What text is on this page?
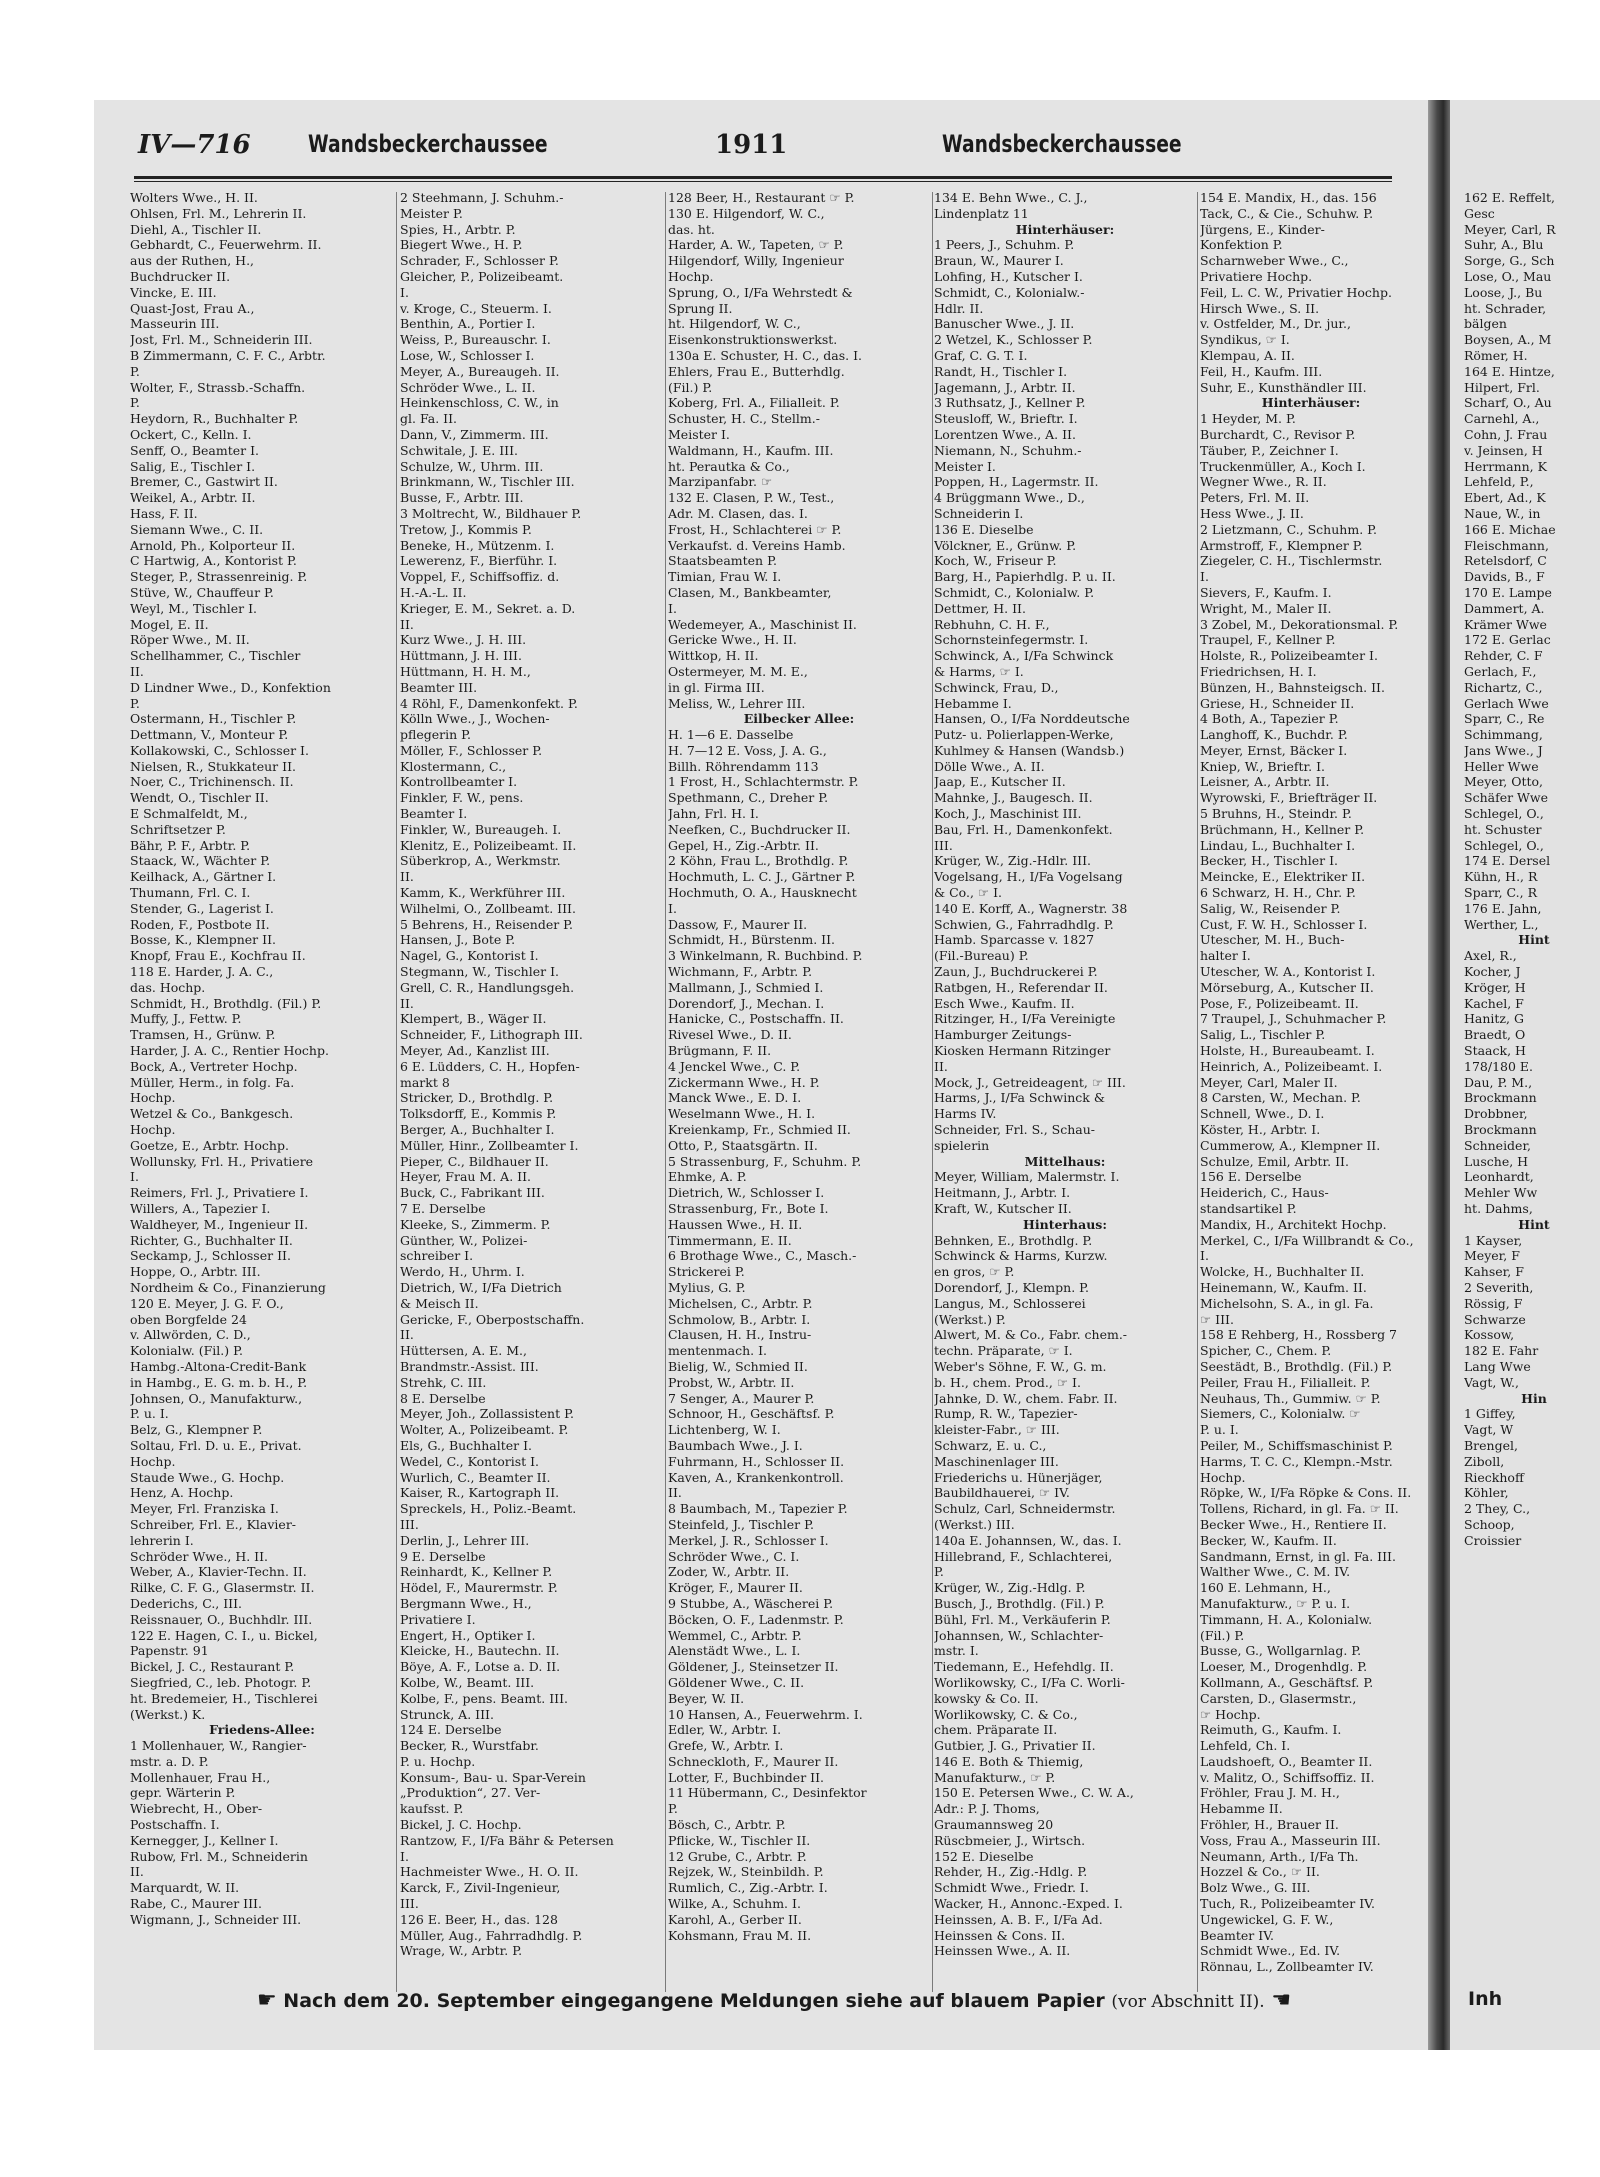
IV—716 Wandsbeckerchaussee	1911	Wandsbeckerchaussee
Wolters Wwe., H. II.
Ohlsen, Frl. M., Lehrerin II.
Diehl, A., Tischler II.
Gebhardt, C., Feuerwehrm. II.
aus der Ruthen, H.,
Buchdrucker II.
Vincke, E. III.
Quast-Jost, Frau A.,
Masseurin III.
Jost, Frl. M., Schneiderin III.
B Zimmermann, C. F. C., Arbtr.
P.
Wolter, F., Strassb.-Schaffn.
P.
Heydorn, R., Buchhalter P.
Ockert, C., Kelln. I.
Senff, O., Beamter I.
Salig, E., Tischler I.
Bremer, C., Gastwirt II.
Weikel, A., Arbtr. II.
Hass, F. II.
Siemann Wwe., C. II.
Arnold, Ph., Kolporteur II.
C Hartwig, A., Kontorist P.
Steger, P., Strassenreinig. P.
Stüve, W., Chauffeur P.
Weyl, M., Tischler I.
Mogel, E. II.
Röper Wwe., M. II.
Schellhammer, C., Tischler
II.
D Lindner Wwe., D., Konfektion
P.
Ostermann, H., Tischler P.
Dettmann, V., Monteur P.
Kollakowski, C., Schlosser I.
Nielsen, R., Stukkateur II.
Noer, C., Trichinensch. II.
Wendt, O., Tischler II.
E Schmalfeldt, M.,
Schriftsetzer P.
Bähr, P. F., Arbtr. P.
Staack, W., Wächter P.
Keilhack, A., Gärtner I.
Thumann, Frl. C. I.
Stender, G., Lagerist I.
Roden, F., Postbote II.
Bosse, K., Klempner II.
Knopf, Frau E., Kochfrau II.
118 E. Harder, J. A. C.,
das. Hochp.
Schmidt, H., Brothdlg. (Fil.) P.
Muffy, J., Fettw. P.
Tramsen, H., Grünw. P.
Harder, J. A. C., Rentier Hochp.
Bock, A., Vertreter Hochp.
Müller, Herm., in folg. Fa.
Hochp.
Wetzel & Co., Bankgesch.
Hochp.
Goetze, E., Arbtr. Hochp.
Wollunsky, Frl. H., Privatiere
I.
Reimers, Frl. J., Privatiere I.
Willers, A., Tapezier I.
Waldheyer, M., Ingenieur II.
Richter, G., Buchhalter II.
Seckamp, J., Schlosser II.
Hoppe, O., Arbtr. III.
Nordheim & Co., Finanzierung
120 E. Meyer, J. G. F. O.,
oben Borgfelde 24
v. Allwörden, C. D.,
Kolonialw. (Fil.) P.
Hambg.-Altona-Credit-Bank
in Hambg., E. G. m. b. H., P.
Johnsen, O., Manufakturw.,
P. u. I.
Belz, G., Klempner P.
Soltau, Frl. D. u. E., Privat.
Hochp.
Staude Wwe., G. Hochp.
Henz, A. Hochp.
Meyer, Frl. Franziska I.
Schreiber, Frl. E., Klavier-
lehrerin I.
Schröder Wwe., H. II.
Weber, A., Klavier-Techn. II.
Rilke, C. F. G., Glasermstr. II.
Dederichs, C., III.
Reissnauer, O., Buchhdlr. III.
122 E. Hagen, C. I., u. Bickel,
Papenstr. 91
Bickel, J. C., Restaurant P.
Siegfried, C., leb. Photogr. P.
ht. Bredemeier, H., Tischlerei
(Werkst.) K.
Friedens-Allee:
1 Mollenhauer, W., Rangier-
mstr. a. D. P.
Mollenhauer, Frau H.,
gepr. Wärterin P.
Wiebrecht, H., Ober-
Postschaffn. I.
Kernegger, J., Kellner I.
Rubow, Frl. M., Schneiderin
II.
Marquardt, W. II.
Rabe, C., Maurer III.
Wigmann, J., Schneider III.
2 Steehmann, J. Schuhm.-
Meister P.
Spies, H., Arbtr. P.
Biegert Wwe., H. P.
Schrader, F., Schlosser P.
Gleicher, P., Polizeibeamt.
I.
v. Kroge, C., Steuerm. I.
Benthin, A., Portier I.
Weiss, P., Bureauschr. I.
Lose, W., Schlosser I.
Meyer, A., Bureaugeh. II.
Schröder Wwe., L. II.
Heinkenschloss, C. W., in
gl. Fa. II.
Dann, V., Zimmerm. III.
Schwitale, J. E. III.
Schulze, W., Uhrm. III.
Brinkmann, W., Tischler III.
Busse, F., Arbtr. III.
3 Moltrecht, W., Bildhauer P.
Tretow, J., Kommis P.
Beneke, H., Mützenm. I.
Lewerenz, F., Bierführ. I.
Voppel, F., Schiffsoffiz. d.
H.-A.-L. II.
Krieger, E. M., Sekret. a. D.
II.
Kurz Wwe., J. H. III.
Hüttmann, J. H. III.
Hüttmann, H. H. M.,
Beamter III.
4 Röhl, F., Damenkonfekt. P.
Kölln Wwe., J., Wochen-
pflegerin P.
Möller, F., Schlosser P.
Klostermann, C.,
Kontrollbeamter I.
Finkler, F. W., pens.
Beamter I.
Finkler, W., Bureaugeh. I.
Klenitz, E., Polizeibeamt. II.
Süberkrop, A., Werkmstr.
II.
Kamm, K., Werkführer III.
Wilhelmi, O., Zollbeamt. III.
5 Behrens, H., Reisender P.
Hansen, J., Bote P.
Nagel, G., Kontorist I.
Stegmann, W., Tischler I.
Grell, C. R., Handlungsgeh.
II.
Klempert, B., Wäger II.
Schneider, F., Lithograph III.
Meyer, Ad., Kanzlist III.
6 E. Lüdders, C. H., Hopfen-
markt 8
Stricker, D., Brothdlg. P.
Tolksdorff, E., Kommis P.
Berger, A., Buchhalter I.
Müller, Hinr., Zollbeamter I.
Pieper, C., Bildhauer II.
Heyer, Frau M. A. II.
Buck, C., Fabrikant III.
7 E. Derselbe
Kleeke, S., Zimmerm. P.
Günther, W., Polizei-
schreiber I.
Werdo, H., Uhrm. I.
Dietrich, W., I/Fa Dietrich
& Meisch II.
Gericke, F., Oberpostschaffn.
II.
Hüttersen, A. E. M.,
Brandmstr.-Assist. III.
Strehk, C. III.
8 E. Derselbe
Meyer, Joh., Zollassistent P.
Wolter, A., Polizeibeamt. P.
Els, G., Buchhalter I.
Wedel, C., Kontorist I.
Wurlich, C., Beamter II.
Kaiser, R., Kartograph II.
Spreckels, H., Poliz.-Beamt.
III.
Derlin, J., Lehrer III.
9 E. Derselbe
Reinhardt, K., Kellner P.
Hödel, F., Maurermstr. P.
Bergmann Wwe., H.,
Privatiere I.
Engert, H., Optiker I.
Kleicke, H., Bautechn. II.
Böye, A. F., Lotse a. D. II.
Kolbe, W., Beamt. III.
Kolbe, F., pens. Beamt. III.
Strunck, A. III.
124 E. Derselbe
Becker, R., Wurstfabr.
P. u. Hochp.
Konsum-, Bau- u. Spar-Verein
„Produktion“, 27. Ver-
kaufsst. P.
Bickel, J. C. Hochp.
Rantzow, F., I/Fa Bähr & Petersen
I.
Hachmeister Wwe., H. O. II.
Karck, F., Zivil-Ingenieur,
III.
126 E. Beer, H., das. 128
Müller, Aug., Fahrradhdlg. P.
Wrage, W., Arbtr. P.
128 Beer, H., Restaurant ☞ P.
130 E. Hilgendorf, W. C.,
das. ht.
Harder, A. W., Tapeten, ☞ P.
Hilgendorf, Willy, Ingenieur
Hochp.
Sprung, O., I/Fa Wehrstedt &
Sprung II.
ht. Hilgendorf, W. C.,
Eisenkonstruktionswerkst.
130a E. Schuster, H. C., das. I.
Ehlers, Frau E., Butterhdlg.
(Fil.) P.
Koberg, Frl. A., Filialleit. P.
Schuster, H. C., Stellm.-
Meister I.
Waldmann, H., Kaufm. III.
ht. Perautka & Co.,
Marzipanfabr. ☞
132 E. Clasen, P. W., Test.,
Adr. M. Clasen, das. I.
Frost, H., Schlachterei ☞ P.
Verkaufst. d. Vereins Hamb.
Staatsbeamten P.
Timian, Frau W. I.
Clasen, M., Bankbeamter,
I.
Wedemeyer, A., Maschinist II.
Gericke Wwe., H. II.
Wittkop, H. II.
Ostermeyer, M. M. E.,
in gl. Firma III.
Meliss, W., Lehrer III.
Eilbecker Allee:
H. 1—6 E. Dasselbe
H. 7—12 E. Voss, J. A. G.,
Billh. Röhrendamm 113
1 Frost, H., Schlachtermstr. P.
Spethmann, C., Dreher P.
Jahn, Frl. H. I.
Neefken, C., Buchdrucker II.
Gepel, H., Zig.-Arbtr. II.
2 Köhn, Frau L., Brothdlg. P.
Hochmuth, L. C. J., Gärtner P.
Hochmuth, O. A., Hausknecht
I.
Dassow, F., Maurer II.
Schmidt, H., Bürstenm. II.
3 Winkelmann, R. Buchbind. P.
Wichmann, F., Arbtr. P.
Mallmann, J., Schmied I.
Dorendorf, J., Mechan. I.
Hanicke, C., Postschaffn. II.
Rivesel Wwe., D. II.
Brügmann, F. II.
4 Jenckel Wwe., C. P.
Zickermann Wwe., H. P.
Manck Wwe., E. D. I.
Weselmann Wwe., H. I.
Kreienkamp, Fr., Schmied II.
Otto, P., Staatsgärtn. II.
5 Strassenburg, F., Schuhm. P.
Ehmke, A. P.
Dietrich, W., Schlosser I.
Strassenburg, Fr., Bote I.
Haussen Wwe., H. II.
Timmermann, E. II.
6 Brothage Wwe., C., Masch.-
Strickerei P.
Mylius, G. P.
Michelsen, C., Arbtr. P.
Schmolow, B., Arbtr. I.
Clausen, H. H., Instru-
mentenmach. I.
Bielig, W., Schmied II.
Probst, W., Arbtr. II.
7 Senger, A., Maurer P.
Schnoor, H., Geschäftsf. P.
Lichtenberg, W. I.
Baumbach Wwe., J. I.
Fuhrmann, H., Schlosser II.
Kaven, A., Krankenkontroll.
II.
8 Baumbach, M., Tapezier P.
Steinfeld, J., Tischler P.
Merkel, J. R., Schlosser I.
Schröder Wwe., C. I.
Zoder, W., Arbtr. II.
Kröger, F., Maurer II.
9 Stubbe, A., Wäscherei P.
Böcken, O. F., Ladenmstr. P.
Wemmel, C., Arbtr. P.
Alenstädt Wwe., L. I.
Göldener, J., Steinsetzer II.
Göldener Wwe., C. II.
Beyer, W. II.
10 Hansen, A., Feuerwehrm. I.
Edler, W., Arbtr. I.
Grefe, W., Arbtr. I.
Schneckloth, F., Maurer II.
Lotter, F., Buchbinder II.
11 Hübermann, C., Desinfektor
P.
Bösch, C., Arbtr. P.
Pflicke, W., Tischler II.
12 Grube, C., Arbtr. P.
Rejzek, W., Steinbildh. P.
Rumlich, C., Zig.-Arbtr. I.
Wilke, A., Schuhm. I.
Karohl, A., Gerber II.
Kohsmann, Frau M. II.
134 E. Behn Wwe., C. J.,
Lindenplatz 11
Hinterhäuser:
1 Peers, J., Schuhm. P.
Braun, W., Maurer I.
Lohfing, H., Kutscher I.
Schmidt, C., Kolonialw.-
Hdlr. II.
Banuscher Wwe., J. II.
2 Wetzel, K., Schlosser P.
Graf, C. G. T. I.
Randt, H., Tischler I.
Jagemann, J., Arbtr. II.
3 Ruthsatz, J., Kellner P.
Steusloff, W., Brieftr. I.
Lorentzen Wwe., A. II.
Niemann, N., Schuhm.-
Meister I.
Poppen, H., Lagermstr. II.
4 Brüggmann Wwe., D.,
Schneiderin I.
136 E. Dieselbe
Völckner, E., Grünw. P.
Koch, W., Friseur P.
Barg, H., Papierhdlg. P. u. II.
Schmidt, C., Kolonialw. P.
Dettmer, H. II.
Rebhuhn, C. H. F.,
Schornsteinfegermstr. I.
Schwinck, A., I/Fa Schwinck
& Harms, ☞ I.
Schwinck, Frau, D.,
Hebamme I.
Hansen, O., I/Fa Norddeutsche
Putz- u. Polierlappen-Werke,
Kuhlmey & Hansen (Wandsb.)
Dölle Wwe., A. II.
Jaap, E., Kutscher II.
Mahnke, J., Baugesch. II.
Koch, J., Maschinist III.
Bau, Frl. H., Damenkonfekt.
III.
Krüger, W., Zig.-Hdlr. III.
Vogelsang, H., I/Fa Vogelsang
& Co., ☞ I.
140 E. Korff, A., Wagnerstr. 38
Schwien, G., Fahrradhdlg. P.
Hamb. Sparcasse v. 1827
(Fil.-Bureau) P.
Zaun, J., Buchdruckerei P.
Ratbgen, H., Referendar II.
Esch Wwe., Kaufm. II.
Ritzinger, H., I/Fa Vereinigte
Hamburger Zeitungs-
Kiosken Hermann Ritzinger
II.
Mock, J., Getreideagent, ☞ III.
Harms, J., I/Fa Schwinck &
Harms IV.
Schneider, Frl. S., Schau-
spielerin
Mittelhaus:
Meyer, William, Malermstr. I.
Heitmann, J., Arbtr. I.
Kraft, W., Kutscher II.
Hinterhaus:
Behnken, E., Brothdlg. P.
Schwinck & Harms, Kurzw.
en gros, ☞ P.
Dorendorf, J., Klempn. P.
Langus, M., Schlosserei
(Werkst.) P.
Alwert, M. & Co., Fabr. chem.-
techn. Präparate, ☞ I.
Weber's Söhne, F. W., G. m.
b. H., chem. Prod., ☞ I.
Jahnke, D. W., chem. Fabr. II.
Rump, R. W., Tapezier-
kleister-Fabr., ☞ III.
Schwarz, E. u. C.,
Maschinenlager III.
Friederichs u. Hünerjäger,
Baubildhauerei, ☞ IV.
Schulz, Carl, Schneidermstr.
(Werkst.) III.
140a E. Johannsen, W., das. I.
Hillebrand, F., Schlachterei,
P.
Krüger, W., Zig.-Hdlg. P.
Busch, J., Brothdlg. (Fil.) P.
Bühl, Frl. M., Verkäuferin P.
Johannsen, W., Schlachter-
mstr. I.
Tiedemann, E., Hefehdlg. II.
Worlikowsky, C., I/Fa C. Worli-
kowsky & Co. II.
Worlikowsky, C. & Co.,
chem. Präparate II.
Gutbier, J. G., Privatier II.
146 E. Both & Thiemig,
Manufakturw., ☞ P.
150 E. Petersen Wwe., C. W. A.,
Adr.: P. J. Thoms,
Graumannsweg 20
Rüscbmeier, J., Wirtsch.
152 E. Dieselbe
Rehder, H., Zig.-Hdlg. P.
Schmidt Wwe., Friedr. I.
Wacker, H., Annonc.-Exped. I.
Heinssen, A. B. F., I/Fa Ad.
Heinssen & Cons. II.
Heinssen Wwe., A. II.
154 E. Mandix, H., das. 156
Tack, C., & Cie., Schuhw. P.
Jürgens, E., Kinder-
Konfektion P.
Scharnweber Wwe., C.,
Privatiere Hochp.
Feil, L. C. W., Privatier Hochp.
Hirsch Wwe., S. II.
v. Ostfelder, M., Dr. jur.,
Syndikus, ☞ I.
Klempau, A. II.
Feil, H., Kaufm. III.
Suhr, E., Kunsthändler III.
Hinterhäuser:
1 Heyder, M. P.
Burchardt, C., Revisor P.
Täuber, P., Zeichner I.
Truckenmüller, A., Koch I.
Wegner Wwe., R. II.
Peters, Frl. M. II.
Hess Wwe., J. II.
2 Lietzmann, C., Schuhm. P.
Armstroff, F., Klempner P.
Ziegeler, C. H., Tischlermstr.
I.
Sievers, F., Kaufm. I.
Wright, M., Maler II.
3 Zobel, M., Dekorationsmal. P.
Traupel, F., Kellner P.
Holste, R., Polizeibeamter I.
Friedrichsen, H. I.
Bünzen, H., Bahnsteigsch. II.
Griese, H., Schneider II.
4 Both, A., Tapezier P.
Langhoff, K., Buchdr. P.
Meyer, Ernst, Bäcker I.
Kniep, W., Brieftr. I.
Leisner, A., Arbtr. II.
Wyrowski, F., Briefträger II.
5 Bruhns, H., Steindr. P.
Brüchmann, H., Kellner P.
Lindau, L., Buchhalter I.
Becker, H., Tischler I.
Meincke, E., Elektriker II.
6 Schwarz, H. H., Chr. P.
Salig, W., Reisender P.
Cust, F. W. H., Schlosser I.
Utescher, M. H., Buch-
halter I.
Utescher, W. A., Kontorist I.
Mörseburg, A., Kutscher II.
Pose, F., Polizeibeamt. II.
7 Traupel, J., Schuhmacher P.
Salig, L., Tischler P.
Holste, H., Bureaubeamt. I.
Heinrich, A., Polizeibeamt. I.
Meyer, Carl, Maler II.
8 Carsten, W., Mechan. P.
Schnell, Wwe., D. I.
Köster, H., Arbtr. I.
Cummerow, A., Klempner II.
Schulze, Emil, Arbtr. II.
156 E. Derselbe
Heiderich, C., Haus-
standsartikel P.
Mandix, H., Architekt Hochp.
Merkel, C., I/Fa Willbrandt & Co.,
I.
Wolcke, H., Buchhalter II.
Heinemann, W., Kaufm. II.
Michelsohn, S. A., in gl. Fa.
☞ III.
158 E Rehberg, H., Rossberg 7
Spicher, C., Chem. P.
Seestädt, B., Brothdlg. (Fil.) P.
Peiler, Frau H., Filialleit. P.
Neuhaus, Th., Gummiw. ☞ P.
Siemers, C., Kolonialw. ☞
P. u. I.
Peiler, M., Schiffsmaschinist P.
Harms, T. C. C., Klempn.-Mstr.
Hochp.
Röpke, W., I/Fa Röpke & Cons. II.
Tollens, Richard, in gl. Fa. ☞ II.
Becker Wwe., H., Rentiere II.
Becker, W., Kaufm. II.
Sandmann, Ernst, in gl. Fa. III.
Walther Wwe., C. M. IV.
160 E. Lehmann, H.,
Manufakturw., ☞ P. u. I.
Timmann, H. A., Kolonialw.
(Fil.) P.
Busse, G., Wollgarnlag. P.
Loeser, M., Drogenhdlg. P.
Kollmann, A., Geschäftsf. P.
Carsten, D., Glasermstr.,
☞ Hochp.
Reimuth, G., Kaufm. I.
Lehfeld, Ch. I.
Laudshoeft, O., Beamter II.
v. Malitz, O., Schiffsoffiz. II.
Fröhler, Frau J. M. H.,
Hebamme II.
Fröhler, H., Brauer II.
Voss, Frau A., Masseurin III.
Neumann, Arth., I/Fa Th.
Hozzel & Co., ☞ II.
Bolz Wwe., G. III.
Tuch, R., Polizeibeamter IV.
Ungewickel, G. F. W.,
Beamter IV.
Schmidt Wwe., Ed. IV.
Rönnau, L., Zollbeamter IV.
☛ Nach dem 20. September eingegangene Meldungen siehe auf blauem Papier (vor Abschnitt II). ☚
162 E. Reffelt,
Gesc
Meyer, Carl, R
Suhr, A., Blu
Sorge, G., Sch
Lose, O., Mau
Loose, J., Bu
ht. Schrader,
bälgen
Boysen, A., M
Römer, H.
164 E. Hintze,
Hilpert, Frl.
Scharf, O., Au
Carnehl, A.,
Cohn, J. Frau
v. Jeinsen, H
Herrmann, K
Lehfeld, P.,
Ebert, Ad., K
Naue, W., in
166 E. Michae
Fleischmann,
Retelsdorf, C
Davids, B., F
170 E. Lampe
Dammert, A.
Krämer Wwe
172 E. Gerlac
Rehder, C. F
Gerlach, F.,
Richartz, C.,
Gerlach Wwe
Sparr, C., Re
Schimmang,
Jans Wwe., J
Heller Wwe
Meyer, Otto,
Schäfer Wwe
Schlegel, O.,
ht. Schuster
Schlegel, O.,
174 E. Dersel
Kühn, H., R
Sparr, C., R
176 E. Jahn,
Werther, L.,
Hint
Axel, R.,
Kocher, J
Kröger, H
Kachel, F
Hanitz, G
Braedt, O
Staack, H
178/180 E.
Dau, P. M.,
Brockmann
Drobbner,
Brockmann
Schneider,
Lusche, H
Leonhardt,
Mehler Ww
ht. Dahms,
Hint
1 Kayser,
Meyer, F
Kahser, F
2 Severith,
Rössig, F
Schwarze
Kossow,
182 E. Fahr
Lang Wwe
Vagt, W.,
Hin
1 Giffey,
Vagt, W
Brengel,
Ziboll,
Rieckhoff
Köhler,
2 They, C.,
Schoop,
Croissier
Inh
